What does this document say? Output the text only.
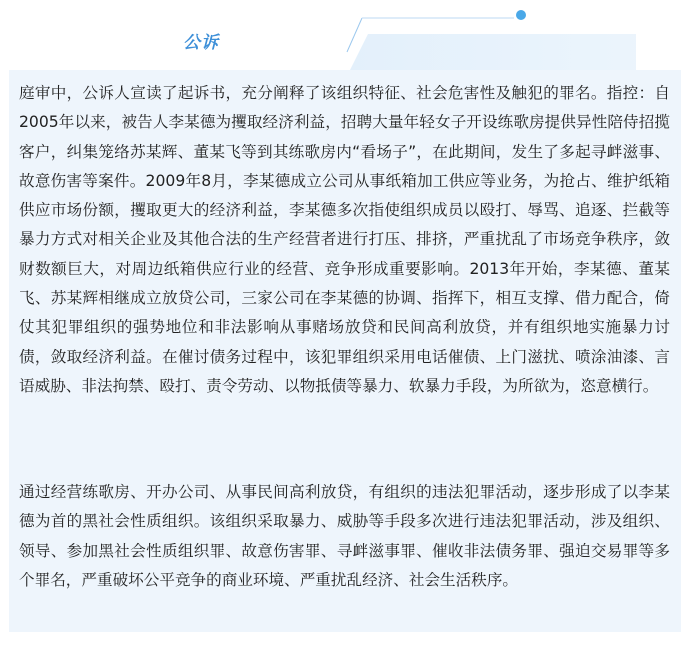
公诉

庭审中，公诉人宣读了起诉书，充分阐释了该组织特征、社会危害性及触犯的罪名。指控：自2005年以来，被告人李某德为攫取经济利益，招聘大量年轻女子开设练歌房提供异性陪侍招揽客户，纠集笼络苏某辉、董某飞等到其练歌房内“看场子”，在此期间，发生了多起寻衅滋事、故意伤害等案件。2009年8月，李某德成立公司从事纸箱加工供应等业务，为抢占、维护纸箱供应市场份额，攫取更大的经济利益，李某德多次指使组织成员以殴打、辱骂、追逐、拦截等暴力方式对相关企业及其他合法的生产经营者进行打压、排挤，严重扰乱了市场竞争秩序，敛财数额巨大，对周边纸箱供应行业的经营、竞争形成重要影响。2013年开始，李某德、董某飞、苏某辉相继成立放贷公司，三家公司在李某德的协调、指挥下，相互支撑、借力配合，倚仗其犯罪组织的强势地位和非法影响从事赌场放贷和民间高利放贷，并有组织地实施暴力讨债，敛取经济利益。在催讨债务过程中，该犯罪组织采用电话催债、上门滋扰、喷涂油漆、言语威胁、非法拘禁、殴打、责令劳动、以物抵债等暴力、软暴力手段，为所欲为，恣意横行。

通过经营练歌房、开办公司、从事民间高利放贷，有组织的违法犯罪活动，逐步形成了以李某德为首的黑社会性质组织。该组织采取暴力、威胁等手段多次进行违法犯罪活动，涉及组织、领导、参加黑社会性质组织罪、故意伤害罪、寻衅滋事罪、催收非法债务罪、强迫交易罪等多个罪名，严重破坏公平竞争的商业环境、严重扰乱经济、社会生活秩序。
